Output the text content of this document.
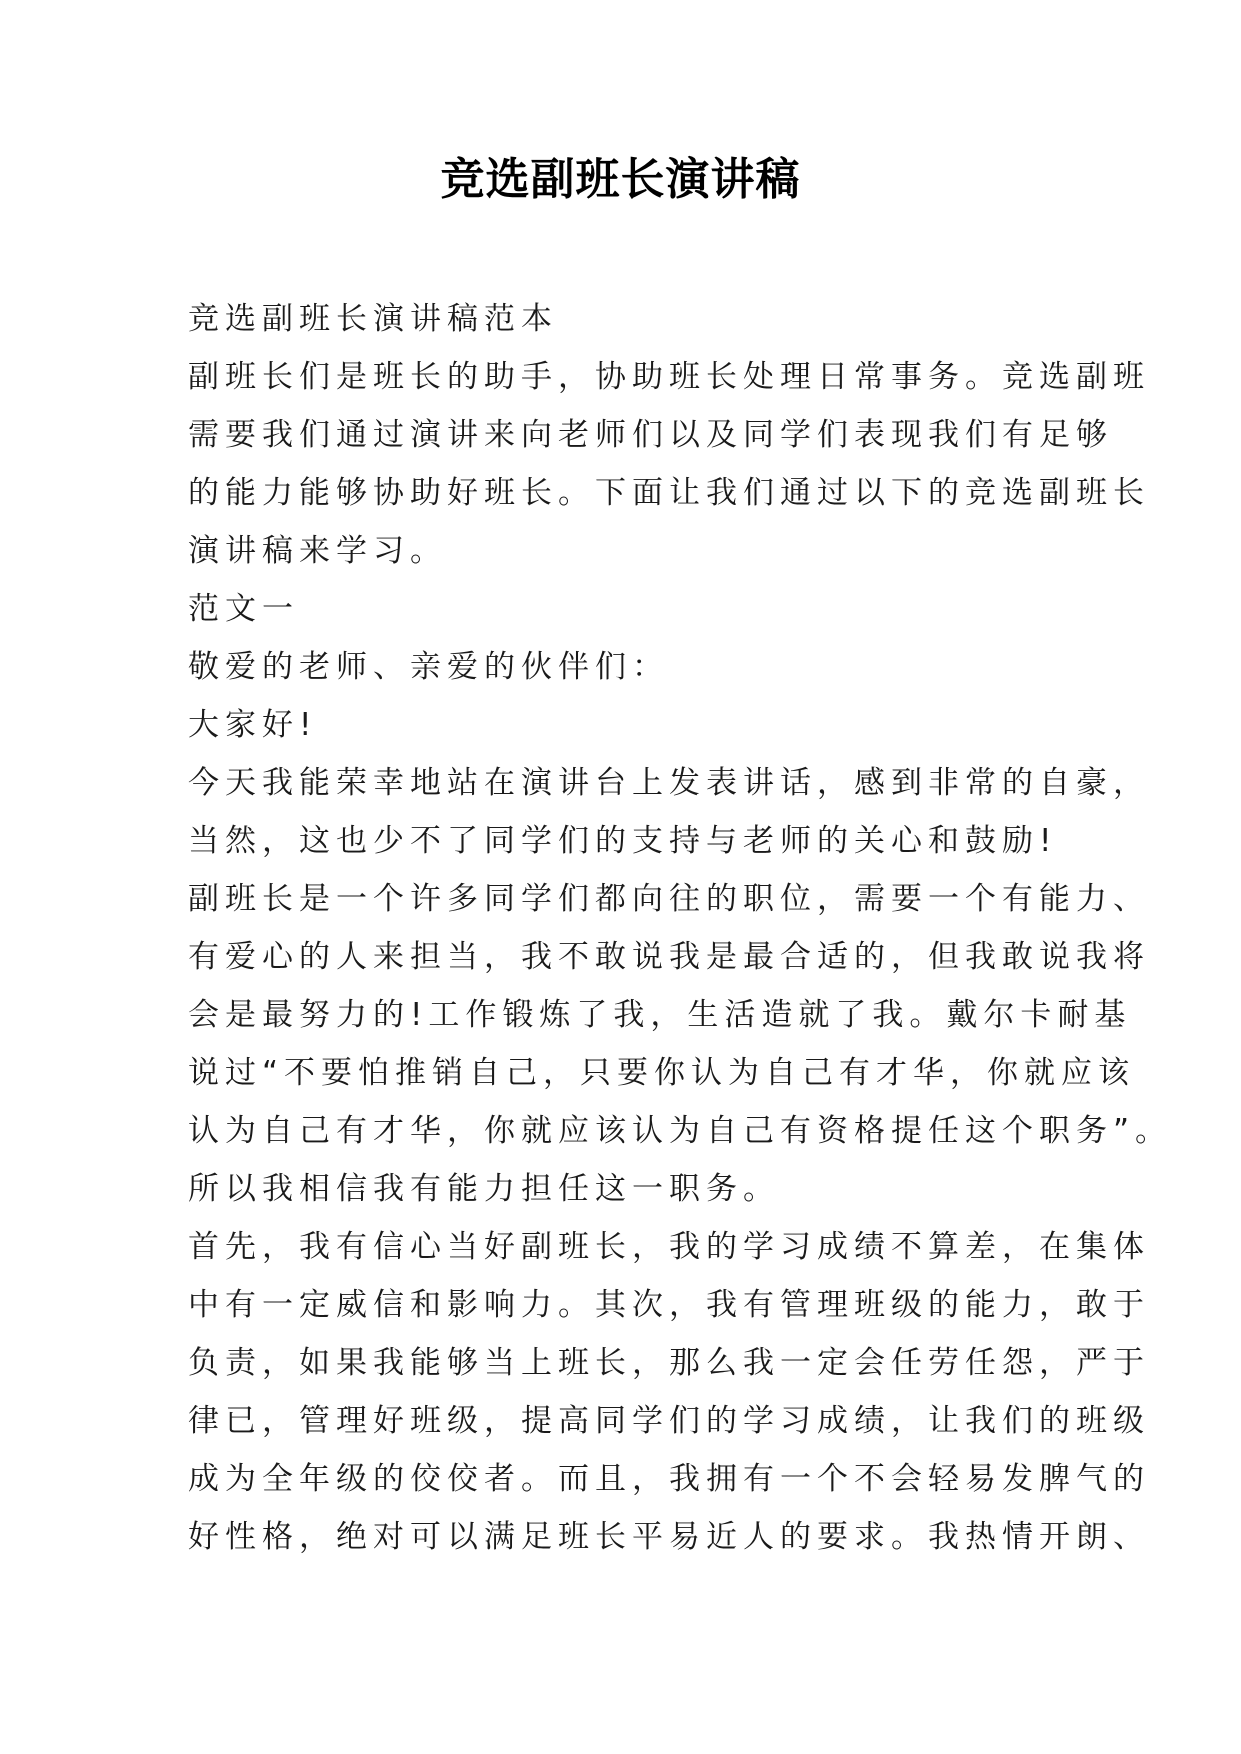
竞选副班长演讲稿
竞选副班长演讲稿范本
副班长们是班长的助手，协助班长处理日常事务。竞选副班
需要我们通过演讲来向老师们以及同学们表现我们有足够
的能力能够协助好班长。下面让我们通过以下的竞选副班长
演讲稿来学习。
范文一
敬爱的老师、亲爱的伙伴们：
大家好!
今天我能荣幸地站在演讲台上发表讲话，感到非常的自豪，
当然，这也少不了同学们的支持与老师的关心和鼓励!
副班长是一个许多同学们都向往的职位，需要一个有能力、
有爱心的人来担当，我不敢说我是最合适的，但我敢说我将
会是最努力的!工作锻炼了我，生活造就了我。戴尔卡耐基
说过“不要怕推销自己，只要你认为自己有才华，你就应该
认为自己有才华，你就应该认为自己有资格提任这个职务”。
所以我相信我有能力担任这一职务。
首先，我有信心当好副班长，我的学习成绩不算差，在集体
中有一定威信和影响力。其次，我有管理班级的能力，敢于
负责，如果我能够当上班长，那么我一定会任劳任怨，严于
律已，管理好班级，提高同学们的学习成绩，让我们的班级
成为全年级的佼佼者。而且，我拥有一个不会轻易发脾气的
好性格，绝对可以满足班长平易近人的要求。我热情开朗、
